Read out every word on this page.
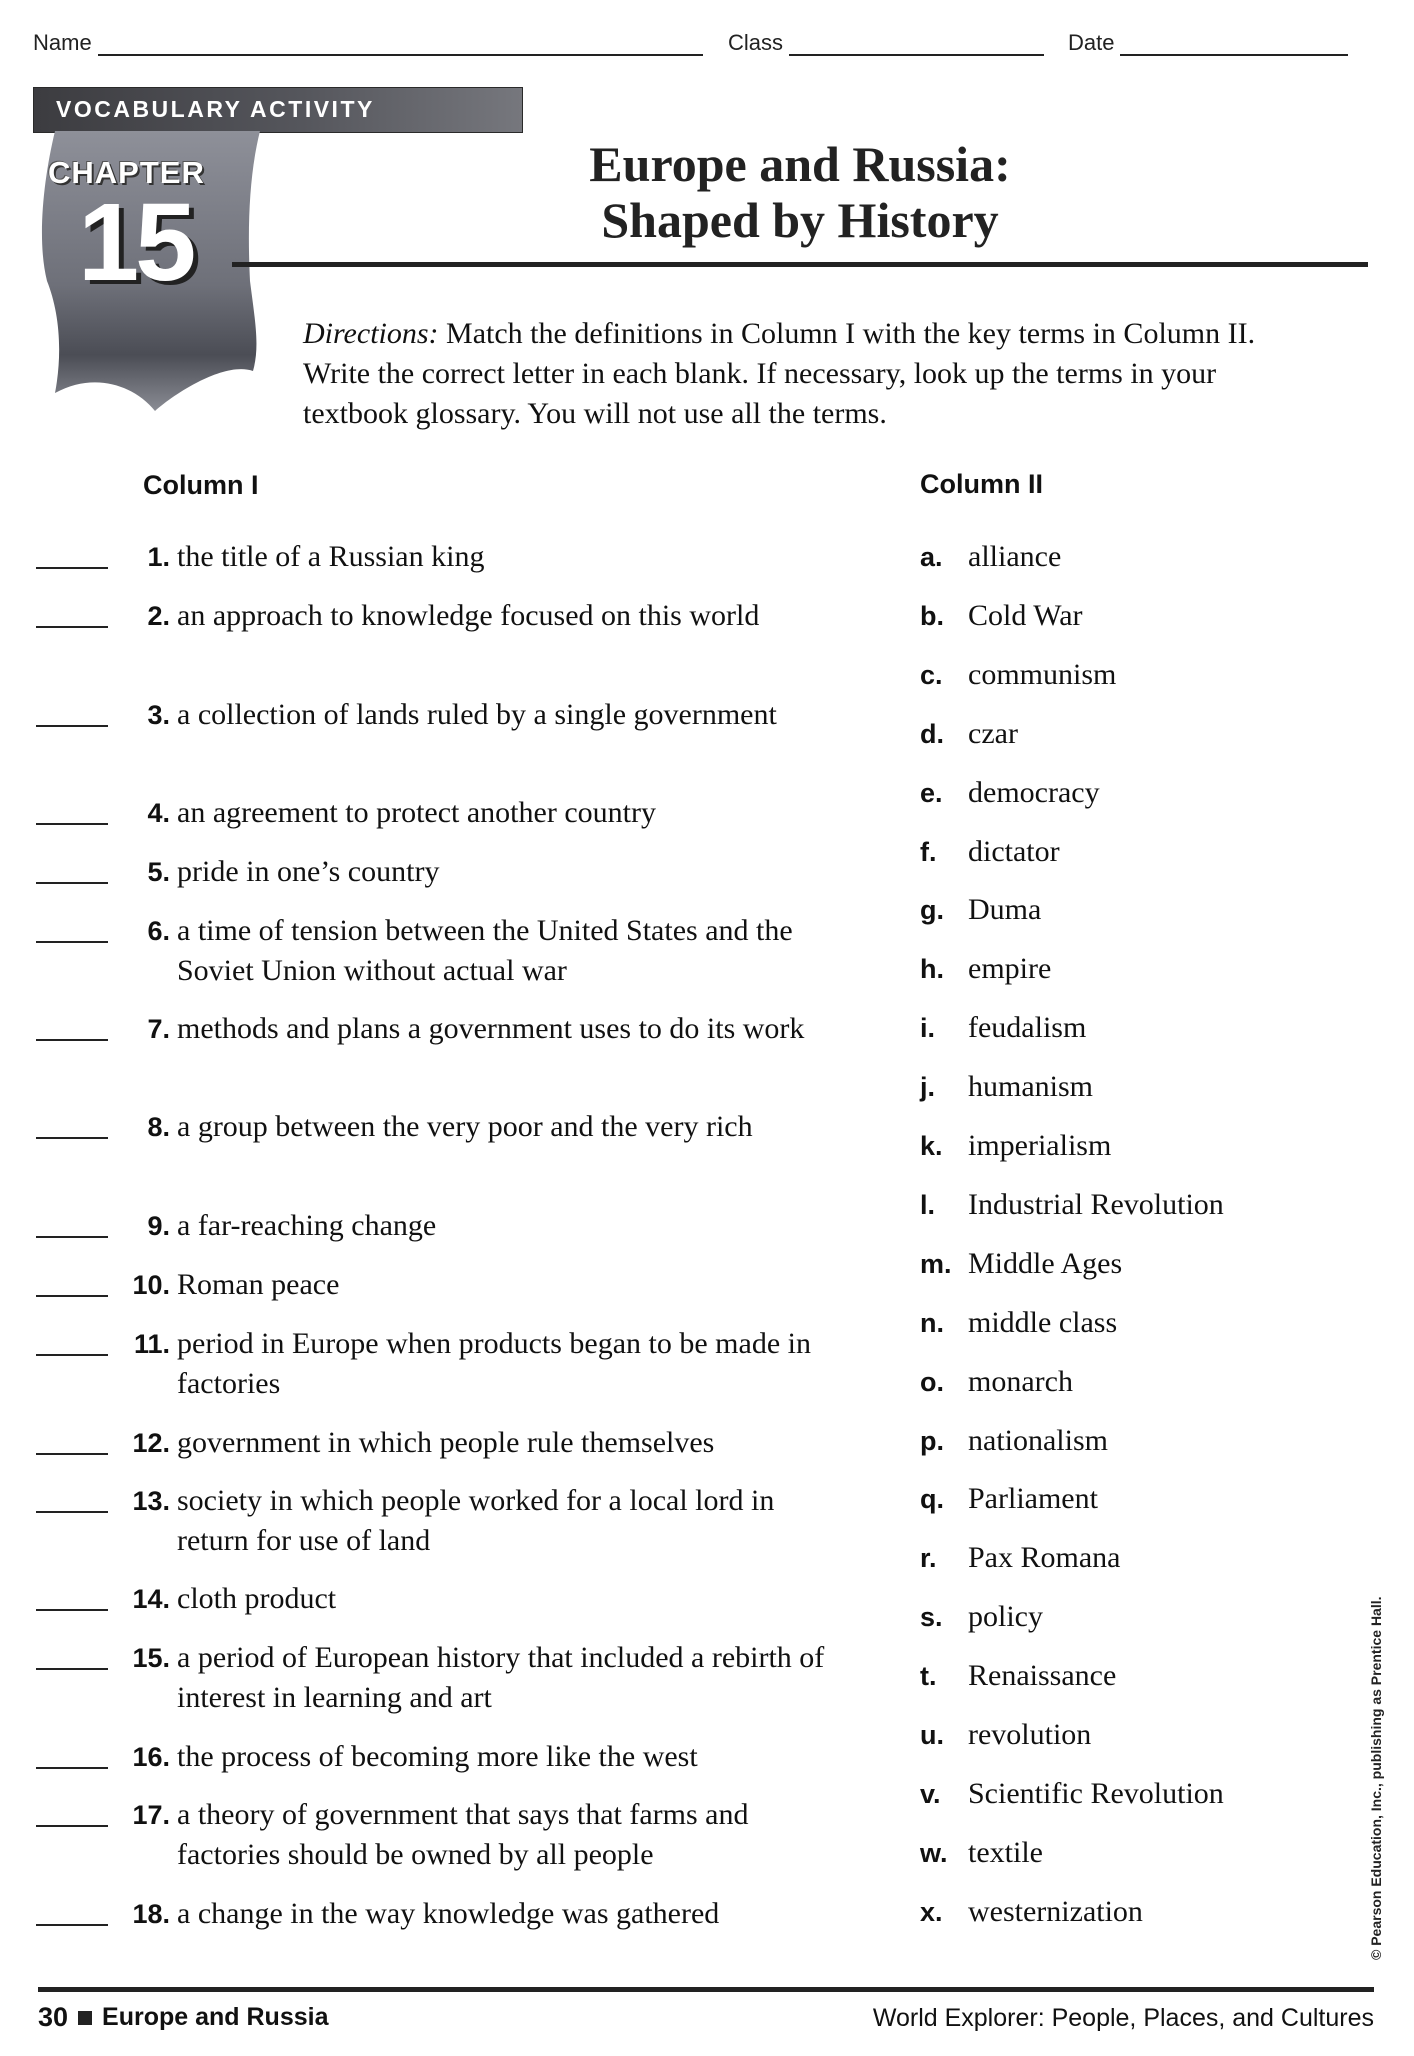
Name	Class	Date
VOCABULARY ACTIVITY
CHAPTER
15
Europe and Russia:
Shaped by History
Directions: Match the definitions in Column I with the key terms in Column II. Write the correct letter in each blank. If necessary, look up the terms in your textbook glossary. You will not use all the terms.
Column I	Column II
1. the title of a Russian king
2. an approach to knowledge focused on this world
3. a collection of lands ruled by a single government
4. an agreement to protect another country
5. pride in one’s country
6. a time of tension between the United States and the Soviet Union without actual war
7. methods and plans a government uses to do its work
8. a group between the very poor and the very rich
9. a far-reaching change
10. Roman peace
11. period in Europe when products began to be made in factories
12. government in which people rule themselves
13. society in which people worked for a local lord in return for use of land
14. cloth product
15. a period of European history that included a rebirth of interest in learning and art
16. the process of becoming more like the west
17. a theory of government that says that farms and factories should be owned by all people
18. a change in the way knowledge was gathered
a. alliance
b. Cold War
c. communism
d. czar
e. democracy
f. dictator
g. Duma
h. empire
i. feudalism
j. humanism
k. imperialism
l. Industrial Revolution
m. Middle Ages
n. middle class
o. monarch
p. nationalism
q. Parliament
r. Pax Romana
s. policy
t. Renaissance
u. revolution
v. Scientific Revolution
w. textile
x. westernization	© Pearson Education, Inc., publishing as Prentice Hall.
30 Europe and Russia	World Explorer: People, Places, and Cultures
